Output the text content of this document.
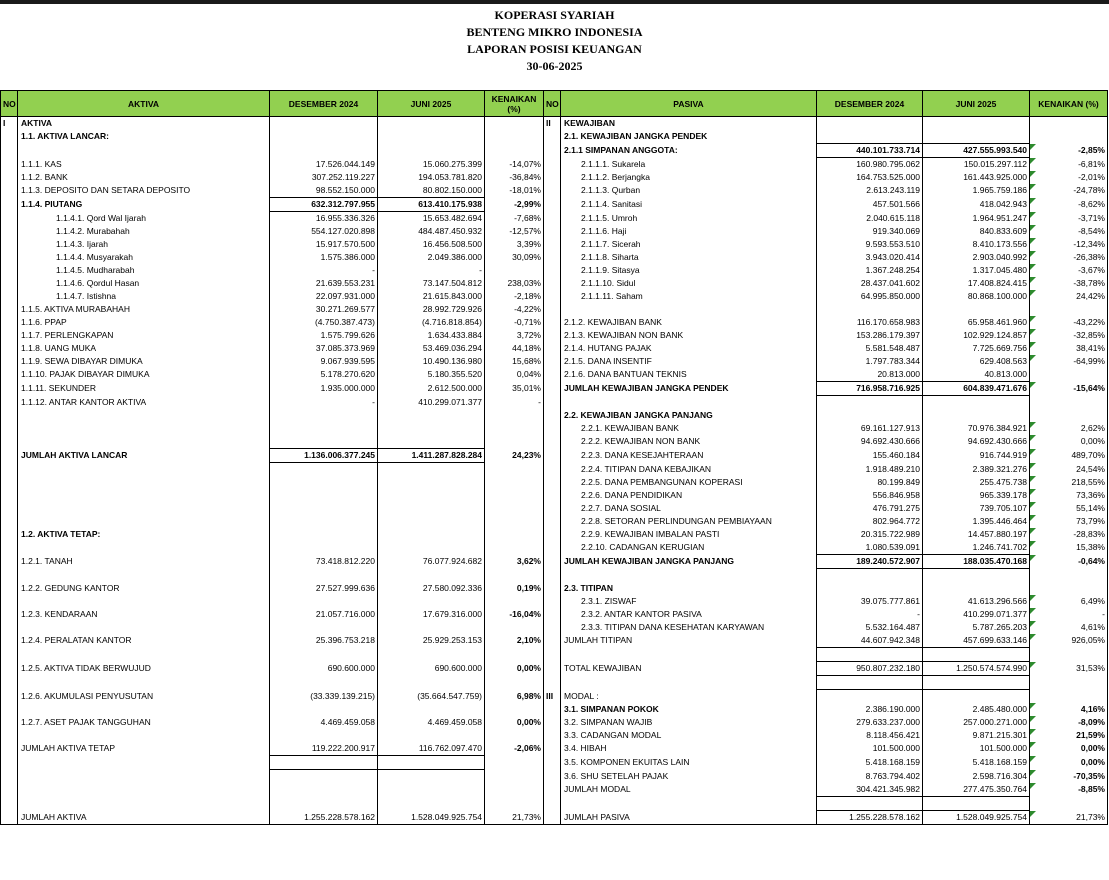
KOPERASI SYARIAH
BENTENG MIKRO INDONESIA
LAPORAN POSISI KEUANGAN
30-06-2025
NO	AKTIVA	DESEMBER 2024	JUNI 2025	KENAIKAN (%)	NO	PASIVA	DESEMBER 2024	JUNI 2025	KENAIKAN (%)
I	AKTIVA				II	KEWAJIBAN			
	1.1. AKTIVA LANCAR:					2.1. KEWAJIBAN JANGKA PENDEK			
						2.1.1 SIMPANAN ANGGOTA:	440.101.733.714	427.555.993.540	-2,85%
	1.1.1. KAS	17.526.044.149	15.060.275.399	-14,07%		2.1.1.1. Sukarela	160.980.795.062	150.015.297.112	-6,81%
	1.1.2. BANK	307.252.119.227	194.053.781.820	-36,84%		2.1.1.2. Berjangka	164.753.525.000	161.443.925.000	-2,01%
	1.1.3. DEPOSITO DAN SETARA DEPOSITO	98.552.150.000	80.802.150.000	-18,01%		2.1.1.3. Qurban	2.613.243.119	1.965.759.186	-24,78%
	1.1.4. PIUTANG	632.312.797.955	613.410.175.938	-2,99%		2.1.1.4. Sanitasi	457.501.566	418.042.943	-8,62%
	1.1.4.1. Qord Wal Ijarah	16.955.336.326	15.653.482.694	-7,68%		2.1.1.5. Umroh	2.040.615.118	1.964.951.247	-3,71%
	1.1.4.2. Murabahah	554.127.020.898	484.487.450.932	-12,57%		2.1.1.6. Haji	919.340.069	840.833.609	-8,54%
	1.1.4.3. Ijarah	15.917.570.500	16.456.508.500	3,39%		2.1.1.7. Sicerah	9.593.553.510	8.410.173.556	-12,34%
	1.1.4.4. Musyarakah	1.575.386.000	2.049.386.000	30,09%		2.1.1.8. Siharta	3.943.020.414	2.903.040.992	-26,38%
	1.1.4.5. Mudharabah	-	-			2.1.1.9. Sitasya	1.367.248.254	1.317.045.480	-3,67%
	1.1.4.6. Qordul Hasan	21.639.553.231	73.147.504.812	238,03%		2.1.1.10. Sidul	28.437.041.602	17.408.824.415	-38,78%
	1.1.4.7. Istishna	22.097.931.000	21.615.843.000	-2,18%		2.1.1.11. Saham	64.995.850.000	80.868.100.000	24,42%
	1.1.5. AKTIVA MURABAHAH	30.271.269.577	28.992.729.926	-4,22%					
	1.1.6. PPAP	(4.750.387.473)	(4.716.818.854)	-0,71%		2.1.2. KEWAJIBAN BANK	116.170.658.983	65.958.461.960	-43,22%
	1.1.7. PERLENGKAPAN	1.575.799.626	1.634.433.884	3,72%		2.1.3. KEWAJIBAN NON BANK	153.286.179.397	102.929.124.857	-32,85%
	1.1.8. UANG MUKA	37.085.373.969	53.469.036.294	44,18%		2.1.4. HUTANG PAJAK	5.581.548.487	7.725.669.756	38,41%
	1.1.9. SEWA DIBAYAR DIMUKA	9.067.939.595	10.490.136.980	15,68%		2.1.5. DANA INSENTIF	1.797.783.344	629.408.563	-64,99%
	1.1.10. PAJAK DIBAYAR DIMUKA	5.178.270.620	5.180.355.520	0,04%		2.1.6. DANA BANTUAN TEKNIS	20.813.000	40.813.000	
	1.1.11. SEKUNDER	1.935.000.000	2.612.500.000	35,01%		JUMLAH KEWAJIBAN JANGKA PENDEK	716.958.716.925	604.839.471.676	-15,64%
	1.1.12. ANTAR KANTOR AKTIVA	-	410.299.071.377	-					
						2.2. KEWAJIBAN JANGKA PANJANG			
						2.2.1. KEWAJIBAN BANK	69.161.127.913	70.976.384.921	2,62%
						2.2.2. KEWAJIBAN NON BANK	94.692.430.666	94.692.430.666	0,00%
	JUMLAH AKTIVA LANCAR	1.136.006.377.245	1.411.287.828.284	24,23%		2.2.3. DANA KESEJAHTERAAN	155.460.184	916.744.919	489,70%
						2.2.4. TITIPAN DANA KEBAJIKAN	1.918.489.210	2.389.321.276	24,54%
						2.2.5. DANA PEMBANGUNAN KOPERASI	80.199.849	255.475.738	218,55%
						2.2.6. DANA PENDIDIKAN	556.846.958	965.339.178	73,36%
						2.2.7. DANA SOSIAL	476.791.275	739.705.107	55,14%
						2.2.8. SETORAN PERLINDUNGAN PEMBIAYAAN	802.964.772	1.395.446.464	73,79%
	1.2. AKTIVA TETAP:					2.2.9. KEWAJIBAN IMBALAN PASTI	20.315.722.989	14.457.880.197	-28,83%
						2.2.10. CADANGAN KERUGIAN	1.080.539.091	1.246.741.702	15,38%
	1.2.1. TANAH	73.418.812.220	76.077.924.682	3,62%		JUMLAH KEWAJIBAN JANGKA PANJANG	189.240.572.907	188.035.470.168	-0,64%

	1.2.2. GEDUNG KANTOR	27.527.999.636	27.580.092.336	0,19%		2.3. TITIPAN			
						2.3.1. ZISWAF	39.075.777.861	41.613.296.566	6,49%
	1.2.3. KENDARAAN	21.057.716.000	17.679.316.000	-16,04%		2.3.2. ANTAR KANTOR PASIVA	-	410.299.071.377	-
						2.3.3. TITIPAN DANA KESEHATAN KARYAWAN	5.532.164.487	5.787.265.203	4,61%
	1.2.4. PERALATAN KANTOR	25.396.753.218	25.929.253.153	2,10%		JUMLAH TITIPAN	44.607.942.348	457.699.633.146	926,05%

	1.2.5. AKTIVA TIDAK BERWUJUD	690.600.000	690.600.000	0,00%		TOTAL KEWAJIBAN	950.807.232.180	1.250.574.574.990	31,53%

	1.2.6. AKUMULASI PENYUSUTAN	(33.339.139.215)	(35.664.547.759)	6,98%	III	MODAL :			
						3.1. SIMPANAN POKOK	2.386.190.000	2.485.480.000	4,16%
	1.2.7. ASET PAJAK TANGGUHAN	4.469.459.058	4.469.459.058	0,00%		3.2. SIMPANAN WAJIB	279.633.237.000	257.000.271.000	-8,09%
						3.3. CADANGAN MODAL	8.118.456.421	9.871.215.301	21,59%
	JUMLAH AKTIVA TETAP	119.222.200.917	116.762.097.470	-2,06%		3.4. HIBAH	101.500.000	101.500.000	0,00%
						3.5. KOMPONEN EKUITAS LAIN	5.418.168.159	5.418.168.159	0,00%
						3.6. SHU SETELAH PAJAK	8.763.794.402	2.598.716.304	-70,35%
						JUMLAH MODAL	304.421.345.982	277.475.350.764	-8,85%

	JUMLAH AKTIVA	1.255.228.578.162	1.528.049.925.754	21,73%		JUMLAH PASIVA	1.255.228.578.162	1.528.049.925.754	21,73%
